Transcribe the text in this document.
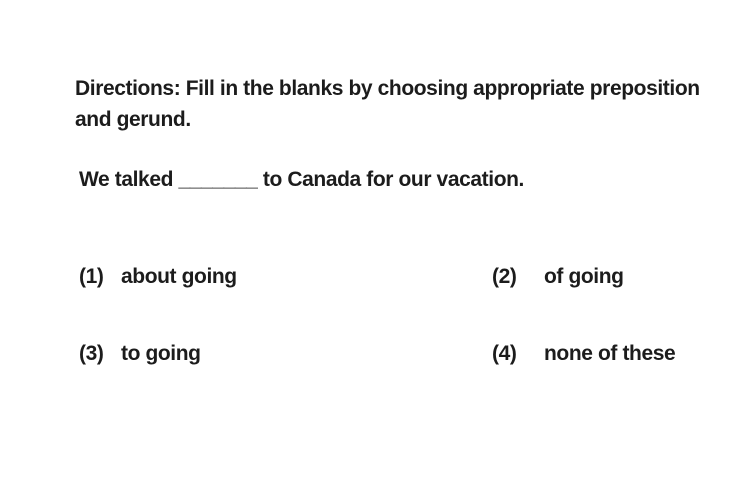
Directions: Fill in the blanks by choosing appropriate preposition and gerund.
We talked _______ to Canada for our vacation.
(1) about going	(2) of going
(3) to going	(4) none of these
